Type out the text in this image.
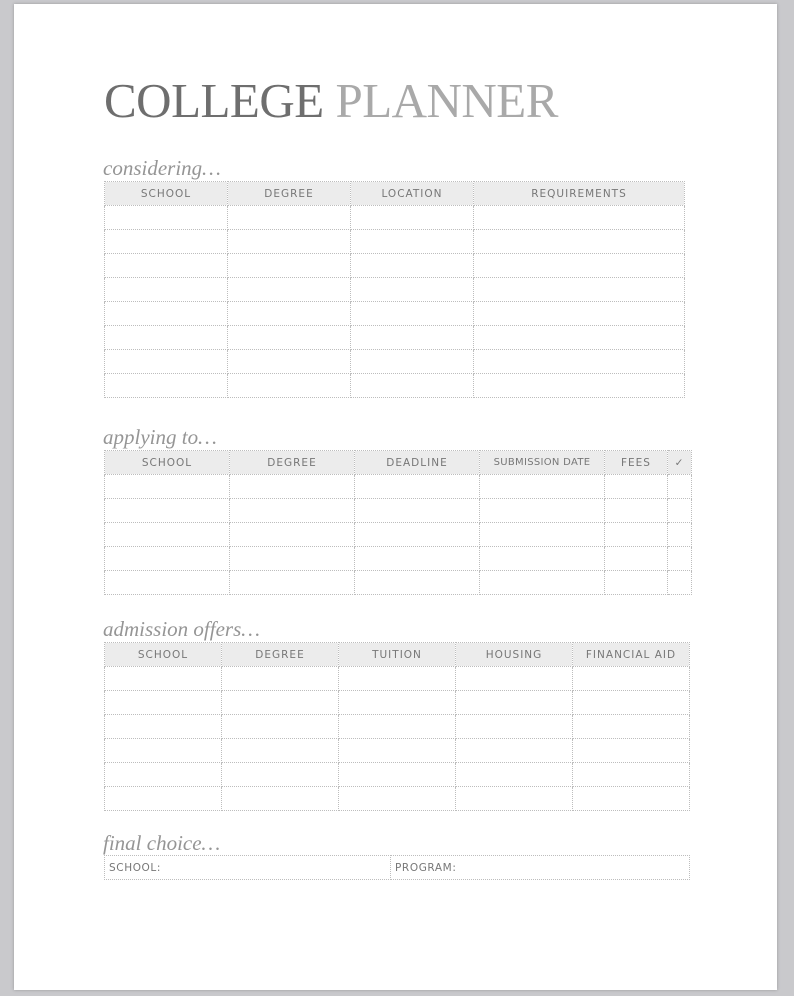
COLLEGE PLANNER
considering…
SCHOOL	DEGREE	LOCATION	REQUIREMENTS

applying to…
SCHOOL	DEGREE	DEADLINE	SUBMISSION DATE	FEES	✓

admission offers…
SCHOOL	DEGREE	TUITION	HOUSING	FINANCIAL AID

final choice…
SCHOOL:	PROGRAM:
